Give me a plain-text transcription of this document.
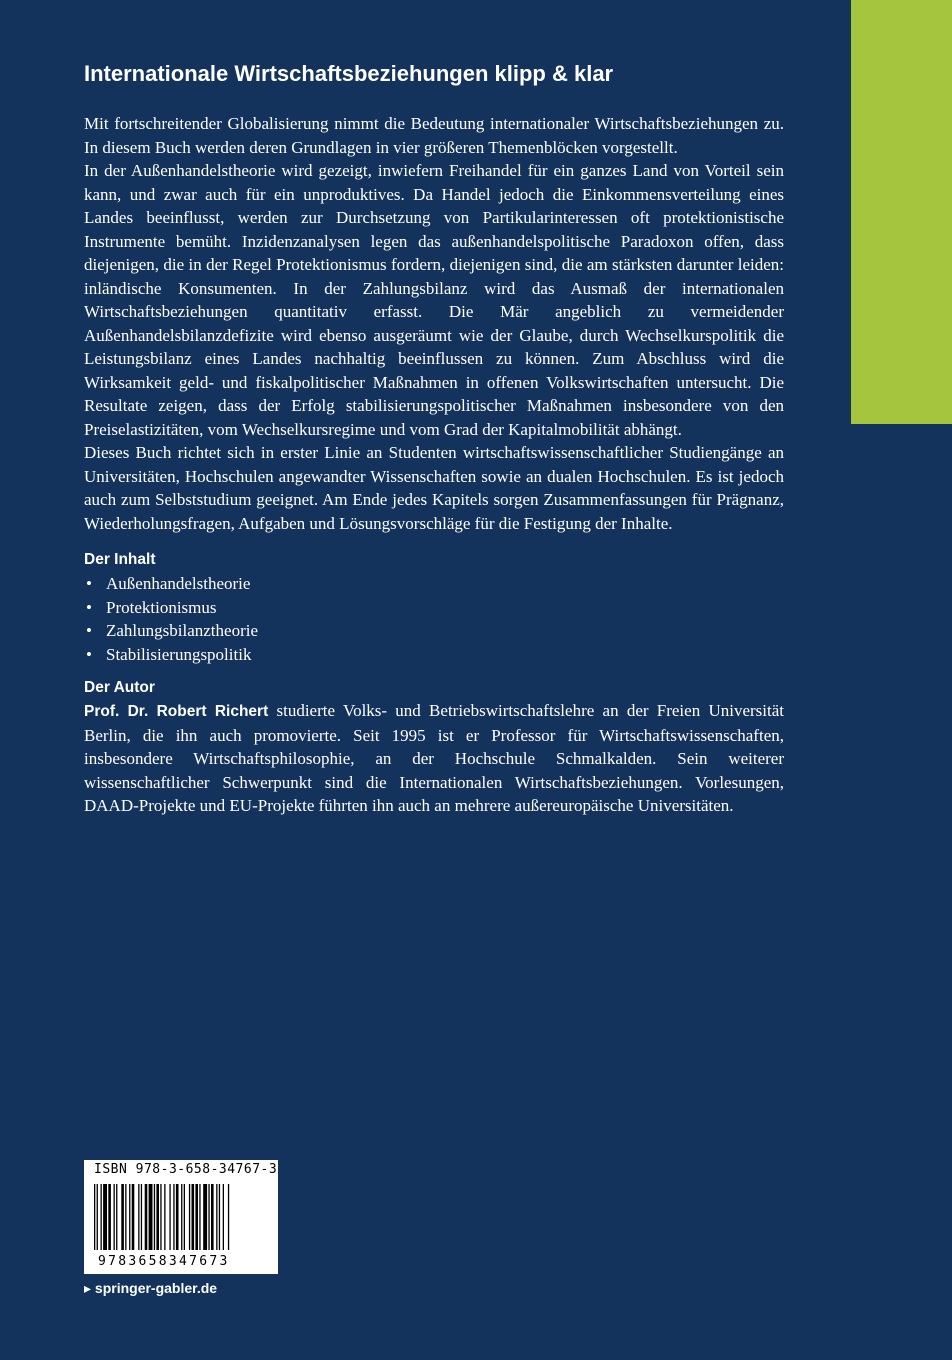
Internationale Wirtschaftsbeziehungen klipp & klar

Mit fortschreitender Globalisierung nimmt die Bedeutung internationaler Wirtschaftsbeziehungen zu. In diesem Buch werden deren Grundlagen in vier größeren Themenblöcken vorgestellt.

In der Außenhandelstheorie wird gezeigt, inwiefern Freihandel für ein ganzes Land von Vorteil sein kann, und zwar auch für ein unproduktives. Da Handel jedoch die Einkommensverteilung eines Landes beeinflusst, werden zur Durchsetzung von Partikularinteressen oft protektionistische Instrumente bemüht. Inzidenzanalysen legen das außenhandelspolitische Paradoxon offen, dass diejenigen, die in der Regel Protektionismus fordern, diejenigen sind, die am stärksten darunter leiden: inländische Konsumenten. In der Zahlungsbilanz wird das Ausmaß der internationalen Wirtschaftsbeziehungen quantitativ erfasst. Die Mär angeblich zu vermeidender Außenhandelsbilanzdefizite wird ebenso ausgeräumt wie der Glaube, durch Wechselkurspolitik die Leistungsbilanz eines Landes nachhaltig beeinflussen zu können. Zum Abschluss wird die Wirksamkeit geld- und fiskalpolitischer Maßnahmen in offenen Volkswirtschaften untersucht. Die Resultate zeigen, dass der Erfolg stabilisierungspolitischer Maßnahmen insbesondere von den Preiselastizitäten, vom Wechselkursregime und vom Grad der Kapitalmobilität abhängt.

Dieses Buch richtet sich in erster Linie an Studenten wirtschaftswissenschaftlicher Studiengänge an Universitäten, Hochschulen angewandter Wissenschaften sowie an dualen Hochschulen. Es ist jedoch auch zum Selbststudium geeignet. Am Ende jedes Kapitels sorgen Zusammenfassungen für Prägnanz, Wiederholungsfragen, Aufgaben und Lösungsvorschläge für die Festigung der Inhalte.

Der Inhalt
• Außenhandelstheorie
• Protektionismus
• Zahlungsbilanztheorie
• Stabilisierungspolitik
Der Autor

Prof. Dr. Robert Richert studierte Volks- und Betriebswirtschaftslehre an der Freien Universität Berlin, die ihn auch promovierte. Seit 1995 ist er Professor für Wirtschaftswissenschaften, insbesondere Wirtschaftsphilosophie, an der Hochschule Schmalkalden. Sein weiterer wissenschaftlicher Schwerpunkt sind die Internationalen Wirtschaftsbeziehungen. Vorlesungen, DAAD-Projekte und EU-Projekte führten ihn auch an mehrere außereuropäische Universitäten.

ISBN 978-3-658-34767-3
9783658347673
▸ springer-gabler.de
